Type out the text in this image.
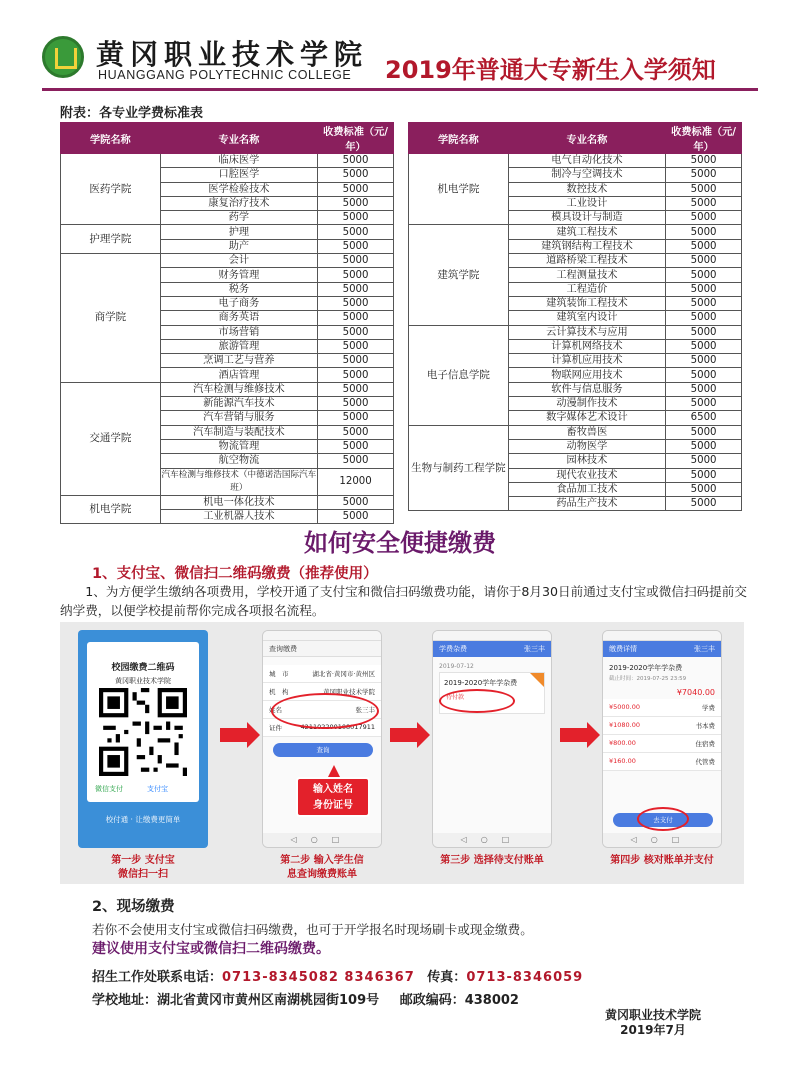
黄冈职业技术学院
HUANGGANG POLYTECHNIC COLLEGE 2019年普通大专新生入学须知
附表：各专业学费标准表
学院名称	专业名称	收费标准（元/年）
医药学院	临床医学	5000
	口腔医学	5000
	医学检验技术	5000
	康复治疗技术	5000
	药学	5000
护理学院	护理	5000
	助产	5000
商学院	会计	5000
	财务管理	5000
	税务	5000
	电子商务	5000
	商务英语	5000
	市场营销	5000
	旅游管理	5000
	烹调工艺与营养	5000
	酒店管理	5000
交通学院	汽车检测与维修技术	5000
	新能源汽车技术	5000
	汽车营销与服务	5000
	汽车制造与装配技术	5000
	物流管理	5000
	航空物流	5000
	汽车检测与维修技术（中德诺浩国际汽车班）	12000
机电学院	机电一体化技术	5000
	工业机器人技术	5000
学院名称	专业名称	收费标准（元/年）
机电学院	电气自动化技术	5000
	制冷与空调技术	5000
	数控技术	5000
	工业设计	5000
	模具设计与制造	5000
建筑学院	建筑工程技术	5000
	建筑钢结构工程技术	5000
	道路桥梁工程技术	5000
	工程测量技术	5000
	工程造价	5000
	建筑装饰工程技术	5000
	建筑室内设计	5000
电子信息学院	云计算技术与应用	5000
	计算机网络技术	5000
	计算机应用技术	5000
	物联网应用技术	5000
	软件与信息服务	5000
	动漫制作技术	5000
	数字媒体艺术设计	6500
生物与制药工程学院	畜牧兽医	5000
	动物医学	5000
	园林技术	5000
	现代农业技术	5000
	食品加工技术	5000
	药品生产技术	5000
如何安全便捷缴费
1、支付宝、微信扫二维码缴费（推荐使用）
1、为方便学生缴纳各项费用，学校开通了支付宝和微信扫码缴费功能，请你于8月30日前通过支付宝或微信扫码提前交纳学费，以便学校提前帮你完成各项报名流程。
校园缴费二维码
黄冈职业技术学院
微信支付	支付宝
校付通 · 让缴费更简单
查询缴费
城　市	湖北省·黄冈市·黄州区
机　构	黄冈职业技术学院
姓名	张三丰
证件	421102200108017911
查询
输入姓名
身份证号
◁○□
学费杂费	张三丰
2019-07-12
2019-2020学年学杂费
待付款
◁○□
缴费详情	张三丰
2019-2020学年学杂费
截止时间：2019-07-25 23:59
¥7040.00
¥5000.00	学费
¥1080.00	书本费
¥800.00	住宿费
¥160.00	代管费
去支付
◁○□
第一步 支付宝
微信扫一扫
第二步 输入学生信
息查询缴费账单
第三步 选择待支付账单	第四步 核对账单并支付
2、现场缴费
若你不会使用支付宝或微信扫码缴费，也可于开学报名时现场刷卡或现金缴费。
建议使用支付宝或微信扫二维码缴费。
招生工作处联系电话：0713-8345082 8346367 传真：0713-8346059
学校地址：湖北省黄冈市黄州区南湖桃园街109号 邮政编码：438002
黄冈职业技术学院
2019年7月
